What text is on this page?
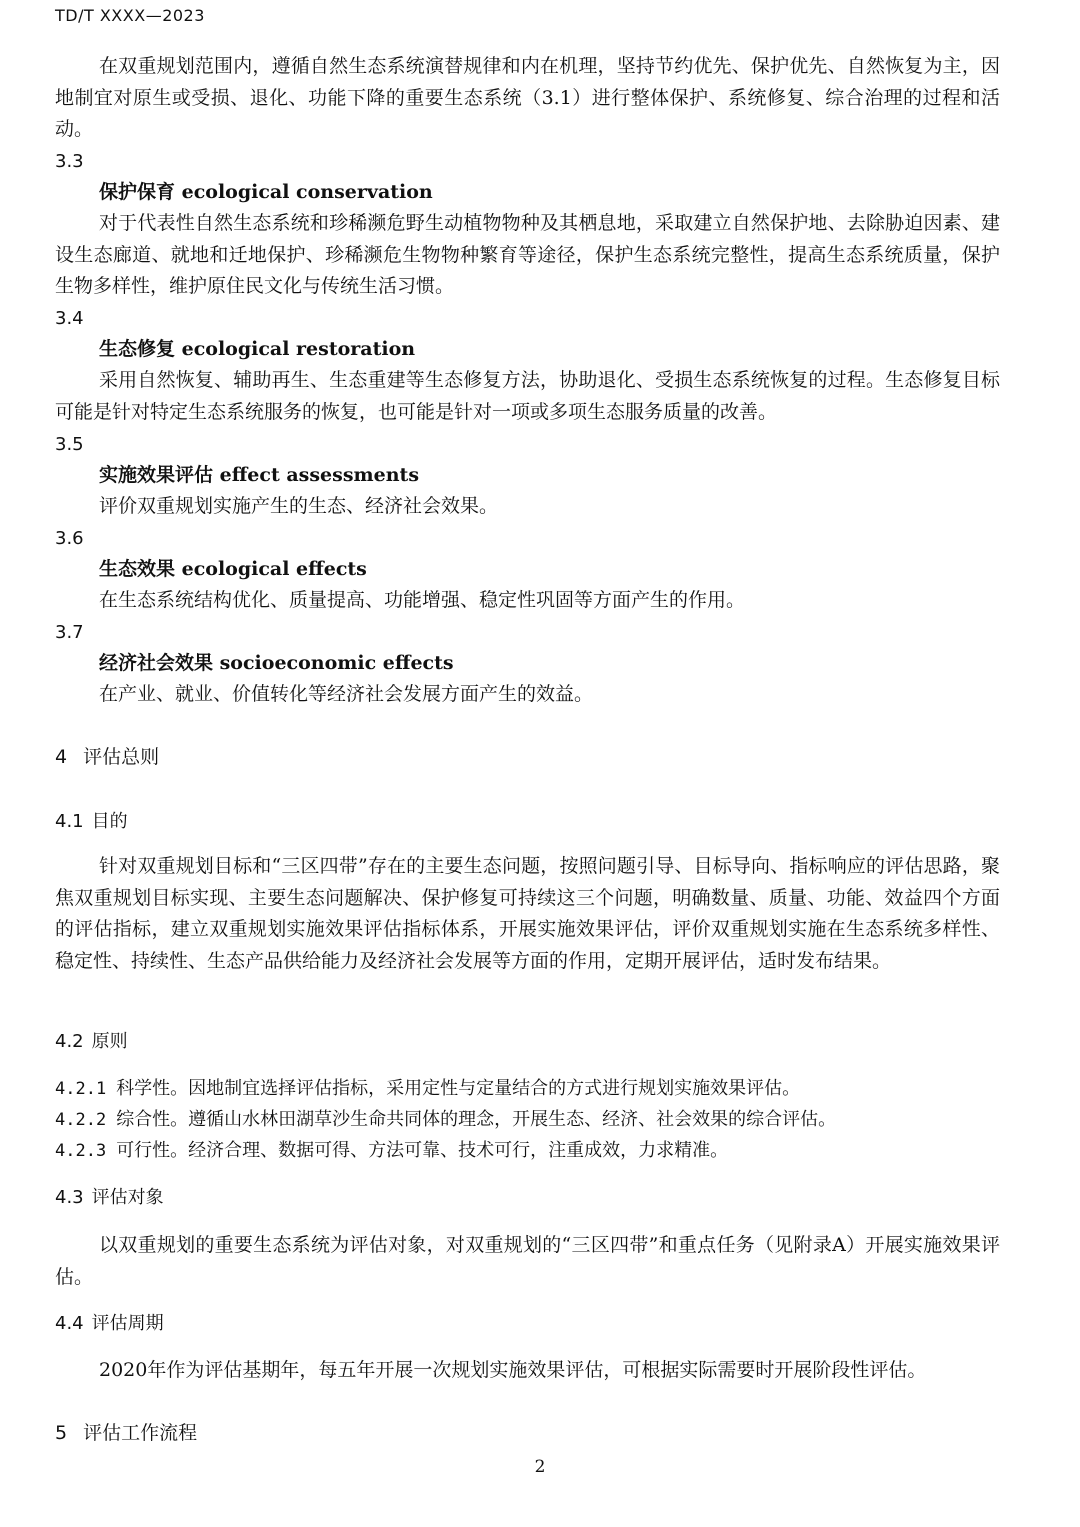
TD/T XXXX—2023

在双重规划范围内，遵循自然生态系统演替规律和内在机理，坚持节约优先、保护优先、自然恢复为主，因地制宜对原生或受损、退化、功能下降的重要生态系统（3.1）进行整体保护、系统修复、综合治理的过程和活动。

3.3
保护保育 ecological conservation

对于代表性自然生态系统和珍稀濒危野生动植物物种及其栖息地，采取建立自然保护地、去除胁迫因素、建设生态廊道、就地和迁地保护、珍稀濒危生物物种繁育等途径，保护生态系统完整性，提高生态系统质量，保护生物多样性，维护原住民文化与传统生活习惯。

3.4
生态修复 ecological restoration

采用自然恢复、辅助再生、生态重建等生态修复方法，协助退化、受损生态系统恢复的过程。生态修复目标可能是针对特定生态系统服务的恢复，也可能是针对一项或多项生态服务质量的改善。

3.5
实施效果评估 effect assessments

评价双重规划实施产生的生态、经济社会效果。

3.6
生态效果 ecological effects

在生态系统结构优化、质量提高、功能增强、稳定性巩固等方面产生的作用。

3.7
经济社会效果 socioeconomic effects

在产业、就业、价值转化等经济社会发展方面产生的效益。

4 评估总则
4.1 目的

针对双重规划目标和“三区四带”存在的主要生态问题，按照问题引导、目标导向、指标响应的评估思路，聚焦双重规划目标实现、主要生态问题解决、保护修复可持续这三个问题，明确数量、质量、功能、效益四个方面的评估指标，建立双重规划实施效果评估指标体系，开展实施效果评估，评价双重规划实施在生态系统多样性、稳定性、持续性、生态产品供给能力及经济社会发展等方面的作用，定期开展评估，适时发布结果。

4.2 原则
4.2.1 科学性。因地制宜选择评估指标，采用定性与定量结合的方式进行规划实施效果评估。
4.2.2 综合性。遵循山水林田湖草沙生命共同体的理念，开展生态、经济、社会效果的综合评估。
4.2.3 可行性。经济合理、数据可得、方法可靠、技术可行，注重成效，力求精准。
4.3 评估对象

以双重规划的重要生态系统为评估对象，对双重规划的“三区四带”和重点任务（见附录A）开展实施效果评估。

4.4 评估周期

2020年作为评估基期年，每五年开展一次规划实施效果评估，可根据实际需要时开展阶段性评估。

5 评估工作流程
2
